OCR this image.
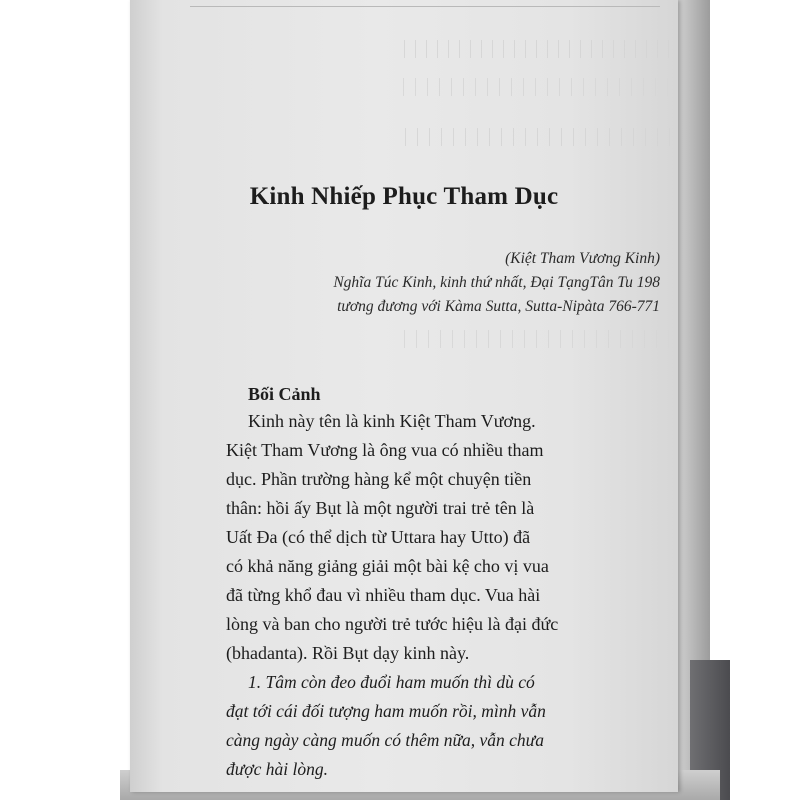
Kinh Nhiếp Phục Tham Dục
(Kiệt Tham Vương Kinh)
Nghĩa Túc Kinh, kinh thứ nhất, Đại TạngTân Tu 198
tương đương với Kàma Sutta, Sutta-Nipàta 766-771
Bối Cảnh
Kinh này tên là kinh Kiệt Tham Vương.
Kiệt Tham Vương là ông vua có nhiều tham
dục. Phần trường hàng kể một chuyện tiền
thân: hồi ấy Bụt là một người trai trẻ tên là
Uất Đa (có thể dịch từ Uttara hay Utto) đã
có khả năng giảng giải một bài kệ cho vị vua
đã từng khổ đau vì nhiều tham dục. Vua hài
lòng và ban cho người trẻ tước hiệu là đại đức
(bhadanta). Rồi Bụt dạy kinh này.
1. Tâm còn đeo đuổi ham muốn thì dù có
đạt tới cái đối tượng ham muốn rồi, mình vẫn
càng ngày càng muốn có thêm nữa, vẫn chưa
được hài lòng.
